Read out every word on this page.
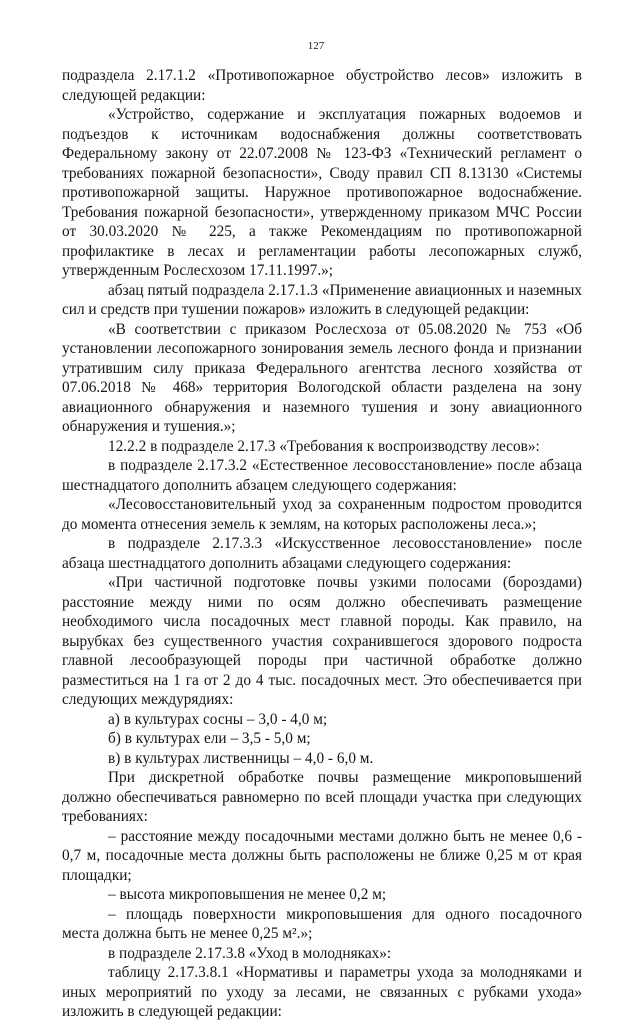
127

подраздела 2.17.1.2 «Противопожарное обустройство лесов» изложить в следующей редакции:

«Устройство, содержание и эксплуатация пожарных водоемов и подъездов к источникам водоснабжения должны соответствовать Федеральному закону от 22.07.2008 № 123-ФЗ «Технический регламент о требованиях пожарной безопасности», Своду правил СП 8.13130 «Системы противопожарной защиты. Наружное противопожарное водоснабжение. Требования пожарной безопасности», утвержденному приказом МЧС России от 30.03.2020 № 225, а также Рекомендациям по противопожарной профилактике в лесах и регламентации работы лесопожарных служб, утвержденным Рослесхозом 17.11.1997.»;

абзац пятый подраздела 2.17.1.3 «Применение авиационных и наземных сил и средств при тушении пожаров» изложить в следующей редакции:

«В соответствии с приказом Рослесхоза от 05.08.2020 № 753 «Об установлении лесопожарного зонирования земель лесного фонда и признании утратившим силу приказа Федерального агентства лесного хозяйства от 07.06.2018 № 468» территория Вологодской области разделена на зону авиационного обнаружения и наземного тушения и зону авиационного обнаружения и тушения.»;

12.2.2 в подразделе 2.17.3 «Требования к воспроизводству лесов»:

в подразделе 2.17.3.2 «Естественное лесовосстановление» после абзаца шестнадцатого дополнить абзацем следующего содержания:

«Лесовосстановительный уход за сохраненным подростом проводится до момента отнесения земель к землям, на которых расположены леса.»;

в подразделе 2.17.3.3 «Искусственное лесовосстановление» после абзаца шестнадцатого дополнить абзацами следующего содержания:

«При частичной подготовке почвы узкими полосами (бороздами) расстояние между ними по осям должно обеспечивать размещение необходимого числа посадочных мест главной породы. Как правило, на вырубках без существенного участия сохранившегося здорового подроста главной лесообразующей породы при частичной обработке должно разместиться на 1 га от 2 до 4 тыс. посадочных мест. Это обеспечивается при следующих междурядиях:

а) в культурах сосны – 3,0 - 4,0 м;

б) в культурах ели – 3,5 - 5,0 м;

в) в культурах лиственницы – 4,0 - 6,0 м.

При дискретной обработке почвы размещение микроповышений должно обеспечиваться равномерно по всей площади участка при следующих требованиях:

– расстояние между посадочными местами должно быть не менее 0,6 - 0,7 м, посадочные места должны быть расположены не ближе 0,25 м от края площадки;

– высота микроповышения не менее 0,2 м;

– площадь поверхности микроповышения для одного посадочного места должна быть не менее 0,25 м².»;

в подразделе 2.17.3.8 «Уход в молодняках»:

таблицу 2.17.3.8.1 «Нормативы и параметры ухода за молодняками и иных мероприятий по уходу за лесами, не связанных с рубками ухода» изложить в следующей редакции:
